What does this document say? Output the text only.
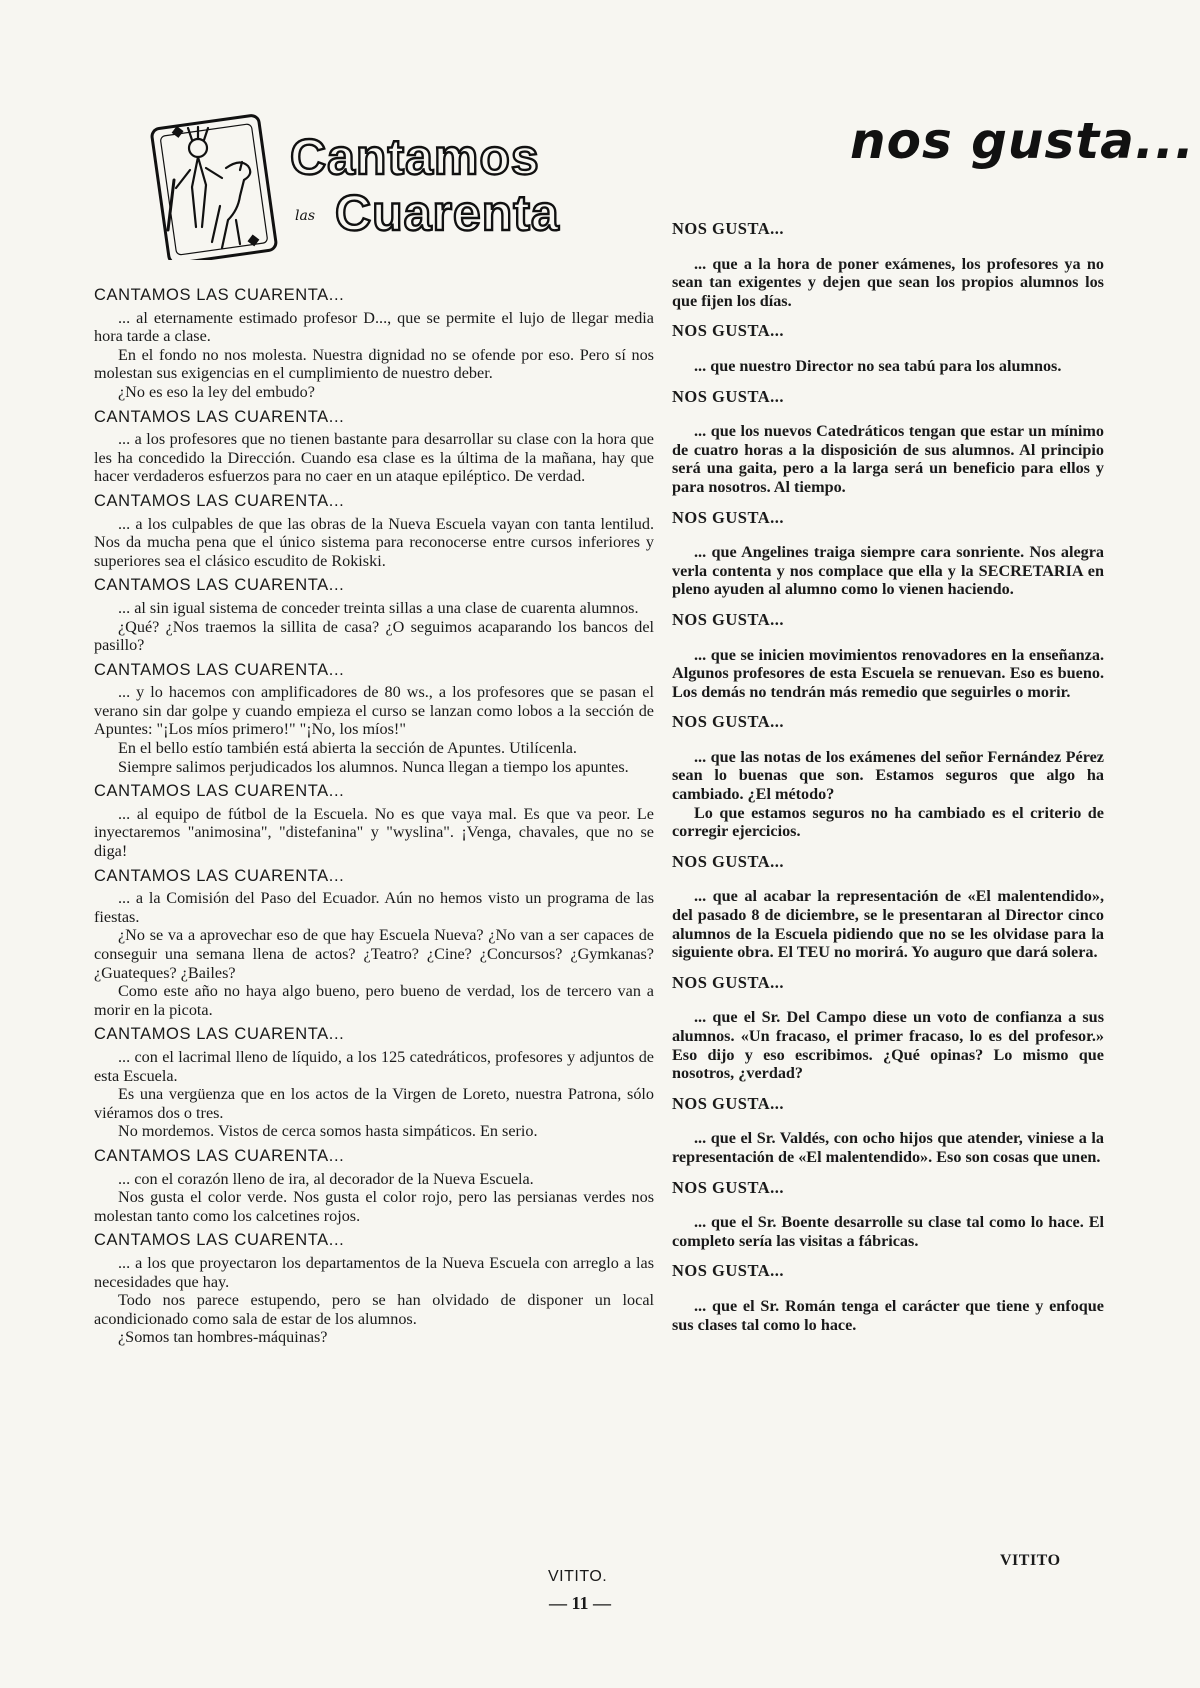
Cantamos
las Cuarenta
nos gusta...
CANTAMOS LAS CUARENTA...

... al eternamente estimado profesor D..., que se permite el lujo de llegar media hora tarde a clase.

En el fondo no nos molesta. Nuestra dignidad no se ofende por eso. Pero sí nos molestan sus exigencias en el cumplimiento de nuestro deber.

¿No es eso la ley del embudo?

CANTAMOS LAS CUARENTA...

... a los profesores que no tienen bastante para desarrollar su clase con la hora que les ha concedido la Dirección. Cuando esa clase es la última de la mañana, hay que hacer verdaderos esfuerzos para no caer en un ataque epiléptico. De verdad.

CANTAMOS LAS CUARENTA...

... a los culpables de que las obras de la Nueva Escuela vayan con tanta lentilud. Nos da mucha pena que el único sistema para reconocerse entre cursos inferiores y superiores sea el clásico escudito de Rokiski.

CANTAMOS LAS CUARENTA...

... al sin igual sistema de conceder treinta sillas a una clase de cuarenta alumnos.

¿Qué? ¿Nos traemos la sillita de casa? ¿O seguimos acaparando los bancos del pasillo?

CANTAMOS LAS CUARENTA...

... y lo hacemos con amplificadores de 80 ws., a los profesores que se pasan el verano sin dar golpe y cuando empieza el curso se lanzan como lobos a la sección de Apuntes: "¡Los míos primero!" "¡No, los míos!"

En el bello estío también está abierta la sección de Apuntes. Utilícenla.

Siempre salimos perjudicados los alumnos. Nunca llegan a tiempo los apuntes.

CANTAMOS LAS CUARENTA...

... al equipo de fútbol de la Escuela. No es que vaya mal. Es que va peor. Le inyectaremos "animosina", "distefanina" y "wyslina". ¡Venga, chavales, que no se diga!

CANTAMOS LAS CUARENTA...

... a la Comisión del Paso del Ecuador. Aún no hemos visto un programa de las fiestas.

¿No se va a aprovechar eso de que hay Escuela Nueva? ¿No van a ser capaces de conseguir una semana llena de actos? ¿Teatro? ¿Cine? ¿Concursos? ¿Gymkanas? ¿Guateques? ¿Bailes?

Como este año no haya algo bueno, pero bueno de verdad, los de tercero van a morir en la picota.

CANTAMOS LAS CUARENTA...

... con el lacrimal lleno de líquido, a los 125 catedráticos, profesores y adjuntos de esta Escuela.

Es una vergüenza que en los actos de la Virgen de Loreto, nuestra Patrona, sólo viéramos dos o tres.

No mordemos. Vistos de cerca somos hasta simpáticos. En serio.

CANTAMOS LAS CUARENTA...

... con el corazón lleno de ira, al decorador de la Nueva Escuela.

Nos gusta el color verde. Nos gusta el color rojo, pero las persianas verdes nos molestan tanto como los calcetines rojos.

CANTAMOS LAS CUARENTA...

... a los que proyectaron los departamentos de la Nueva Escuela con arreglo a las necesidades que hay.

Todo nos parece estupendo, pero se han olvidado de disponer un local acondicionado como sala de estar de los alumnos.

¿Somos tan hombres-máquinas?

NOS GUSTA...

... que a la hora de poner exámenes, los profesores ya no sean tan exigentes y dejen que sean los propios alumnos los que fijen los días.

NOS GUSTA...

... que nuestro Director no sea tabú para los alumnos.

NOS GUSTA...

... que los nuevos Catedráticos tengan que estar un mínimo de cuatro horas a la disposición de sus alumnos. Al principio será una gaita, pero a la larga será un beneficio para ellos y para nosotros. Al tiempo.

NOS GUSTA...

... que Angelines traiga siempre cara sonriente. Nos alegra verla contenta y nos complace que ella y la SECRETARIA en pleno ayuden al alumno como lo vienen haciendo.

NOS GUSTA...

... que se inicien movimientos renovadores en la enseñanza. Algunos profesores de esta Escuela se renuevan. Eso es bueno. Los demás no tendrán más remedio que seguirles o morir.

NOS GUSTA...

... que las notas de los exámenes del señor Fernández Pérez sean lo buenas que son. Estamos seguros que algo ha cambiado. ¿El método?

Lo que estamos seguros no ha cambiado es el criterio de corregir ejercicios.

NOS GUSTA...

... que al acabar la representación de «El malentendido», del pasado 8 de diciembre, se le presentaran al Director cinco alumnos de la Escuela pidiendo que no se les olvidase para la siguiente obra. El TEU no morirá. Yo auguro que dará solera.

NOS GUSTA...

... que el Sr. Del Campo diese un voto de confianza a sus alumnos. «Un fracaso, el primer fracaso, lo es del profesor.» Eso dijo y eso escribimos. ¿Qué opinas? Lo mismo que nosotros, ¿verdad?

NOS GUSTA...

... que el Sr. Valdés, con ocho hijos que atender, viniese a la representación de «El malentendido». Eso son cosas que unen.

NOS GUSTA...

... que el Sr. Boente desarrolle su clase tal como lo hace. El completo sería las visitas a fábricas.

NOS GUSTA...

... que el Sr. Román tenga el carácter que tiene y enfoque sus clases tal como lo hace.

VITITO.
— 11 —
VITITO
